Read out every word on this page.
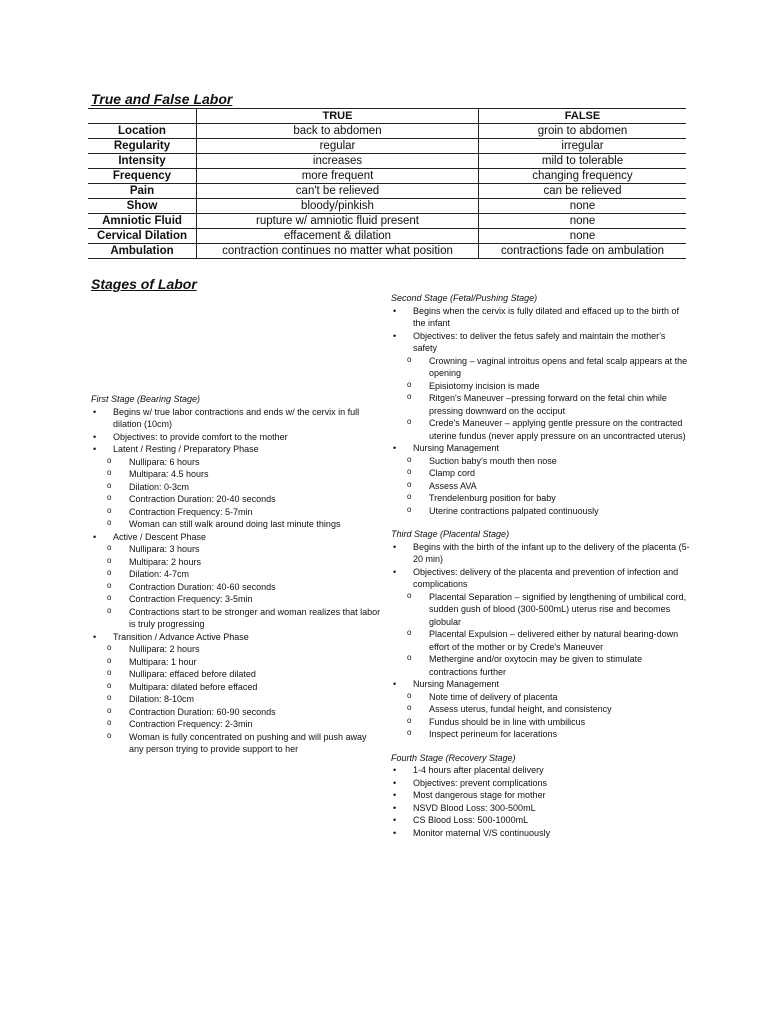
True and False Labor
	TRUE	FALSE
Location	back to abdomen	groin to abdomen
Regularity	regular	irregular
Intensity	increases	mild to tolerable
Frequency	more frequent	changing frequency
Pain	can't be relieved	can be relieved
Show	bloody/pinkish	none
Amniotic Fluid	rupture w/ amniotic fluid present	none
Cervical Dilation	effacement & dilation	none
Ambulation	contraction continues no matter what position	contractions fade on ambulation
Stages of Labor

First Stage (Bearing Stage)

• Begins w/ true labor contractions and ends w/ the cervix in full dilation (10cm)
• Objectives: to provide comfort to the mother
• Latent / Resting / Preparatory Phase
o Nullipara: 6 hours
o Multipara: 4.5 hours
o Dilation: 0-3cm
o Contraction Duration: 20-40 seconds
o Contraction Frequency: 5-7min
o Woman can still walk around doing last minute things
• Active / Descent Phase
o Nullipara: 3 hours
o Multipara: 2 hours
o Dilation: 4-7cm
o Contraction Duration: 40-60 seconds
o Contraction Frequency: 3-5min
o Contractions start to be stronger and woman realizes that labor is truly progressing
• Transition / Advance Active Phase
o Nullipara: 2 hours
o Multipara: 1 hour
o Nullipara: effaced before dilated
o Multipara: dilated before effaced
o Dilation: 8-10cm
o Contraction Duration: 60-90 seconds
o Contraction Frequency: 2-3min
o Woman is fully concentrated on pushing and will push away any person trying to provide support to her

Second Stage (Fetal/Pushing Stage)

• Begins when the cervix is fully dilated and effaced up to the birth of the infant
• Objectives: to deliver the fetus safely and maintain the mother's safety
o Crowning – vaginal introitus opens and fetal scalp appears at the opening
o Episiotomy incision is made
o Ritgen's Maneuver –pressing forward on the fetal chin while pressing downward on the occiput
o Crede's Maneuver – applying gentle pressure on the contracted uterine fundus (never apply pressure on an uncontracted uterus)
• Nursing Management
o Suction baby's mouth then nose
o Clamp cord
o Assess AVA
o Trendelenburg position for baby
o Uterine contractions palpated continuously

Third Stage (Placental Stage)

• Begins with the birth of the infant up to the delivery of the placenta (5-20 min)
• Objectives: delivery of the placenta and prevention of infection and complications
o Placental Separation – signified by lengthening of umbilical cord, sudden gush of blood (300-500mL) uterus rise and becomes globular
o Placental Expulsion – delivered either by natural bearing-down effort of the mother or by Crede's Maneuver
o Methergine and/or oxytocin may be given to stimulate contractions further
• Nursing Management
o Note time of delivery of placenta
o Assess uterus, fundal height, and consistency
o Fundus should be in line with umbilicus
o Inspect perineum for lacerations

Fourth Stage (Recovery Stage)

• 1-4 hours after placental delivery
• Objectives: prevent complications
• Most dangerous stage for mother
• NSVD Blood Loss: 300-500mL
• CS Blood Loss: 500-1000mL
• Monitor maternal V/S continuously
